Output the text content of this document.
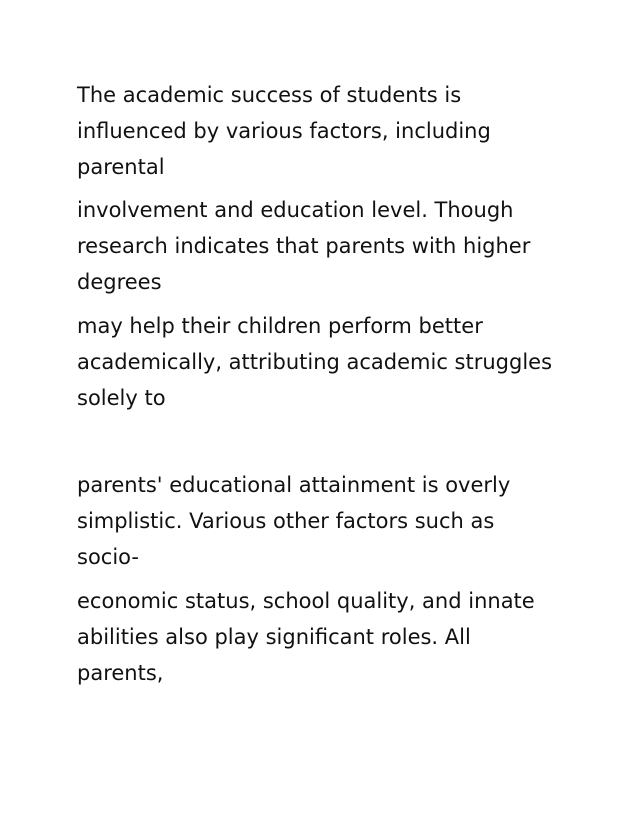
The academic success of students is

influenced by various factors, including

parental

involvement and education level. Though

research indicates that parents with higher

degrees

may help their children perform better

academically, attributing academic struggles

solely to

parents' educational attainment is overly

simplistic. Various other factors such as

socio-

economic status, school quality, and innate

abilities also play significant roles. All

parents,
